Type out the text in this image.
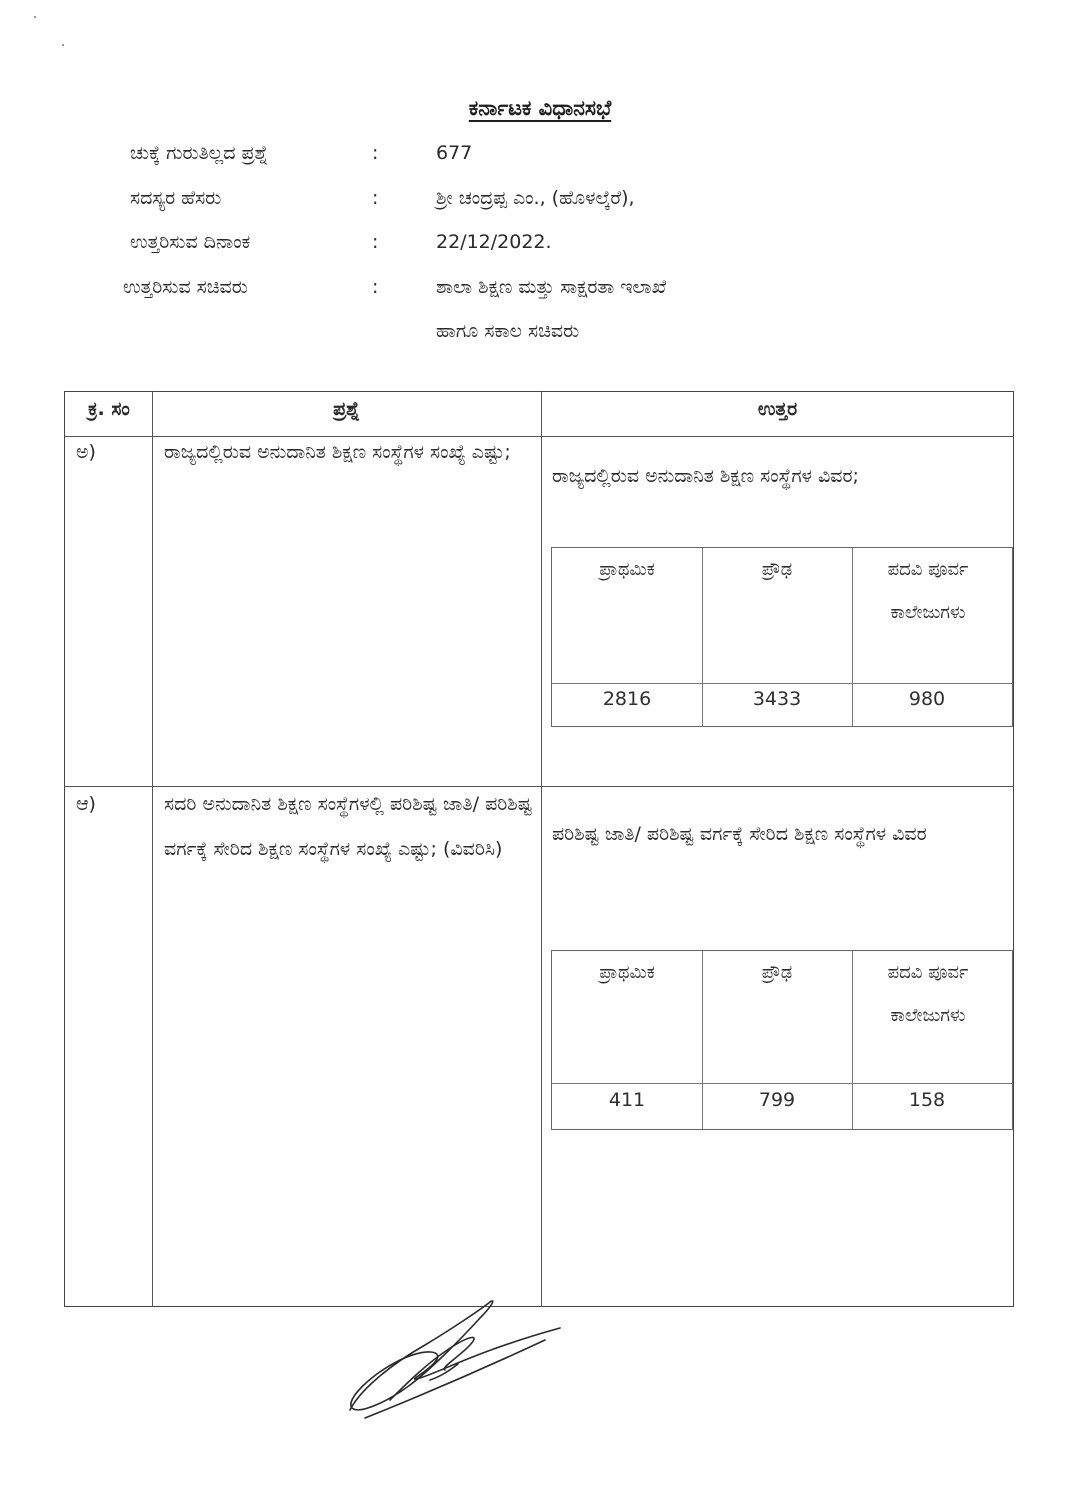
ಕರ್ನಾಟಕ ವಿಧಾನಸಭೆ
ಚುಕ್ಕೆ ಗುರುತಿಲ್ಲದ ಪ್ರಶ್ನೆ	:	677
ಸದಸ್ಯರ ಹೆಸರು	:	ಶ್ರೀ ಚಂದ್ರಪ್ಪ ಎಂ., (ಹೊಳಲ್ಕೆರೆ),
ಉತ್ತರಿಸುವ ದಿನಾಂಕ	:	22/12/2022.
ಉತ್ತರಿಸುವ ಸಚಿವರು	:	ಶಾಲಾ ಶಿಕ್ಷಣ ಮತ್ತು ಸಾಕ್ಷರತಾ ಇಲಾಖೆ
ಹಾಗೂ ಸಕಾಲ ಸಚಿವರು
ಕ್ರ. ಸಂ	ಪ್ರಶ್ನೆ	ಉತ್ತರ
ಅ)	ರಾಜ್ಯದಲ್ಲಿರುವ ಅನುದಾನಿತ ಶಿಕ್ಷಣ ಸಂಸ್ಥೆಗಳ ಸಂಖ್ಯೆ ಎಷ್ಟು;
ರಾಜ್ಯದಲ್ಲಿರುವ ಅನುದಾನಿತ ಶಿಕ್ಷಣ ಸಂಸ್ಥೆಗಳ ವಿವರ;
ಪ್ರಾಥಮಿಕ	ಪ್ರೌಢ	ಪದವಿ ಪೂರ್ವ ಕಾಲೇಜುಗಳು
2816	3433	980
ಆ)	ಸದರಿ ಅನುದಾನಿತ ಶಿಕ್ಷಣ ಸಂಸ್ಥೆಗಳಲ್ಲಿ ಪರಿಶಿಷ್ಟ ಜಾತಿ/ ಪರಿಶಿಷ್ಟ ವರ್ಗಕ್ಕೆ ಸೇರಿದ ಶಿಕ್ಷಣ ಸಂಸ್ಥೆಗಳ ಸಂಖ್ಯೆ ಎಷ್ಟು; (ವಿವರಿಸಿ)
ಪರಿಶಿಷ್ಟ ಜಾತಿ/ ಪರಿಶಿಷ್ಟ ವರ್ಗಕ್ಕೆ ಸೇರಿದ ಶಿಕ್ಷಣ ಸಂಸ್ಥೆಗಳ ವಿವರ
ಪ್ರಾಥಮಿಕ	ಪ್ರೌಢ	ಪದವಿ ಪೂರ್ವ ಕಾಲೇಜುಗಳು
411	799	158
